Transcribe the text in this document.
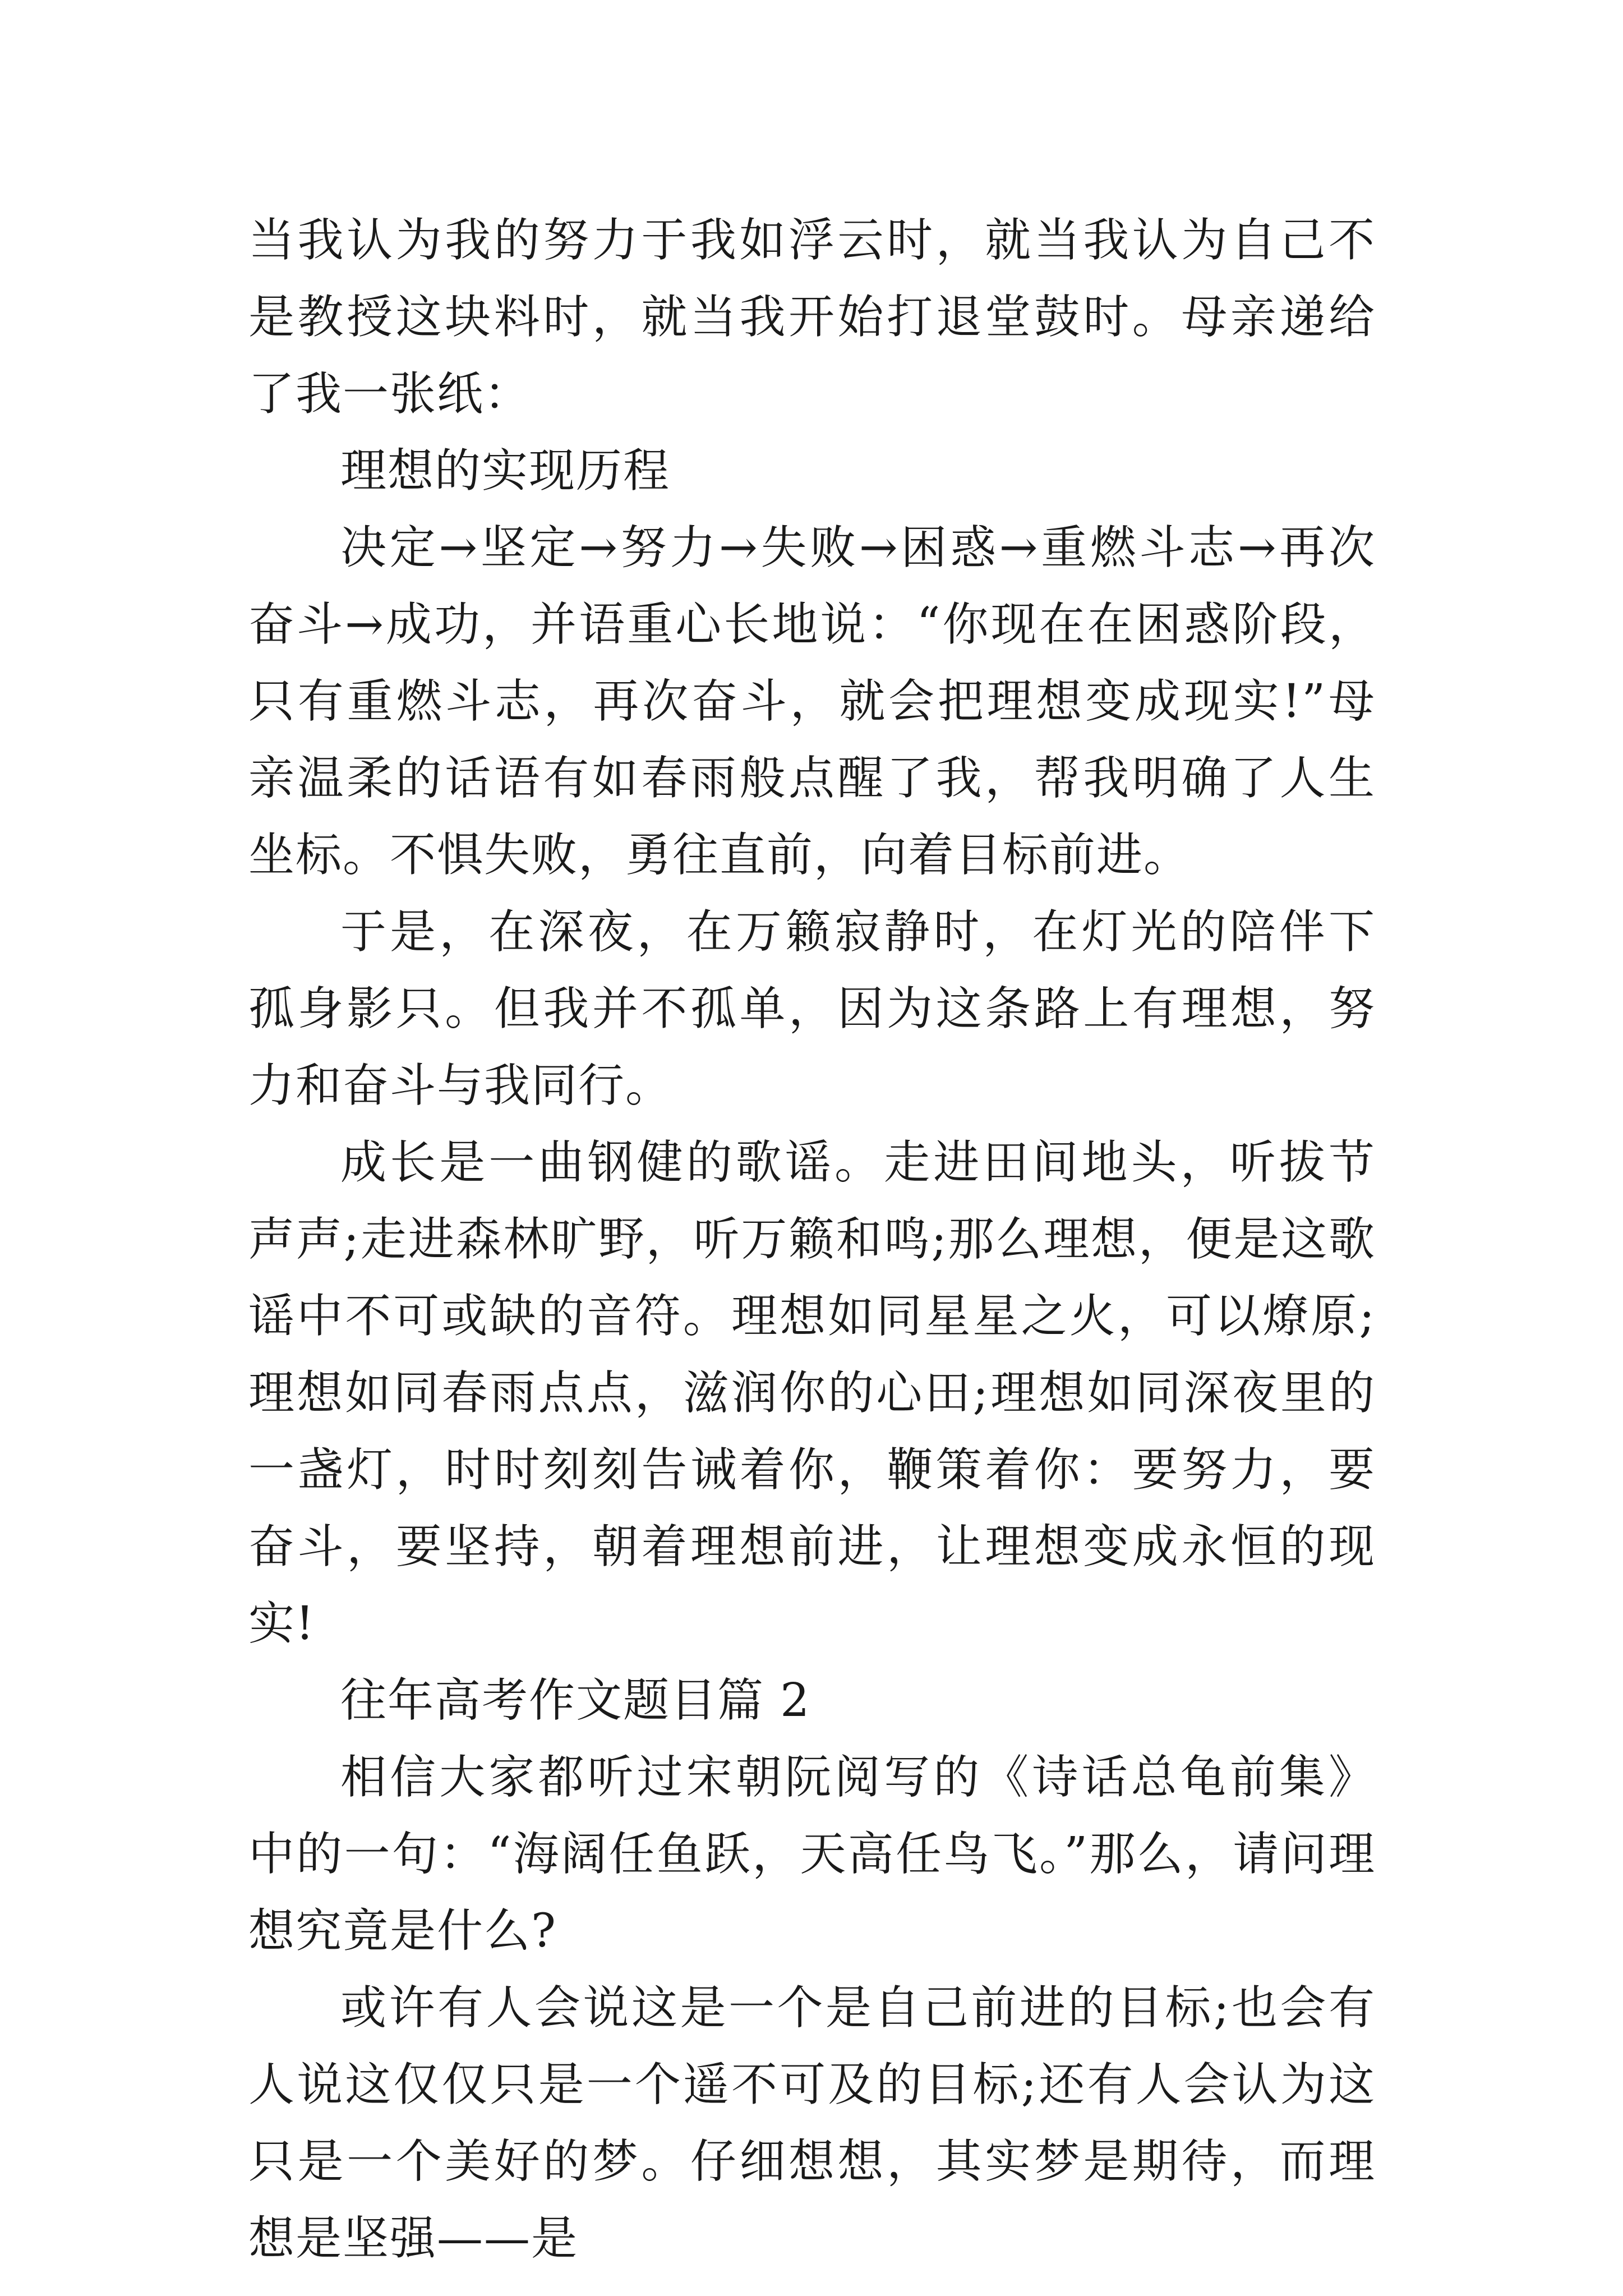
当我认为我的努力于我如浮云时，就当我认为自己不是教授这块料时，就当我开始打退堂鼓时。母亲递给了我一张纸：

理想的实现历程

决定→坚定→努力→失败→困惑→重燃斗志→再次奋斗→成功，并语重心长地说：“你现在在困惑阶段，只有重燃斗志，再次奋斗，就会把理想变成现实!”母亲温柔的话语有如春雨般点醒了我，帮我明确了人生坐标。不惧失败，勇往直前，向着目标前进。

于是，在深夜，在万籁寂静时，在灯光的陪伴下孤身影只。但我并不孤单，因为这条路上有理想，努力和奋斗与我同行。

成长是一曲钢健的歌谣。走进田间地头，听拔节声声;走进森林旷野，听万籁和鸣;那么理想，便是这歌谣中不可或缺的音符。理想如同星星之火，可以燎原;理想如同春雨点点，滋润你的心田;理想如同深夜里的一盏灯，时时刻刻告诫着你，鞭策着你：要努力，要奋斗，要坚持，朝着理想前进，让理想变成永恒的现实!

往年高考作文题目篇 2

相信大家都听过宋朝阮阅写的《诗话总龟前集》中的一句：“海阔任鱼跃，天高任鸟飞。”那么，请问理想究竟是什么?

或许有人会说这是一个是自己前进的目标;也会有人说这仅仅只是一个遥不可及的目标;还有人会认为这只是一个美好的梦。仔细想想，其实梦是期待，而理想是坚强——是
